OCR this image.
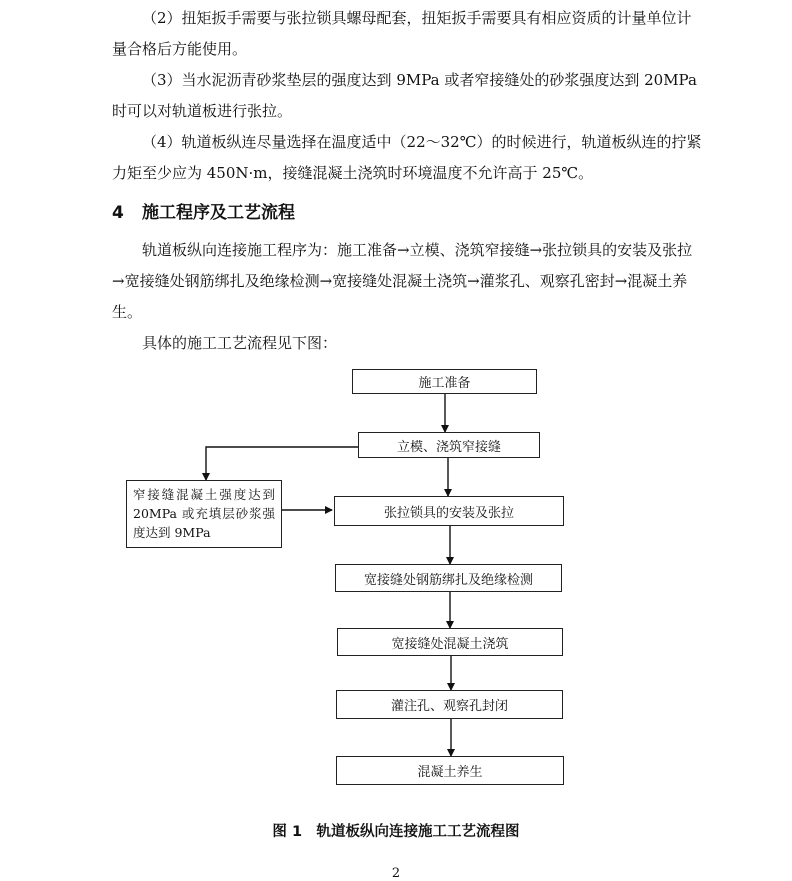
（2）扭矩扳手需要与张拉锁具螺母配套，扭矩扳手需要具有相应资质的计量单位计量合格后方能使用。

（3）当水泥沥青砂浆垫层的强度达到 9MPa 或者窄接缝处的砂浆强度达到 20MPa 时可以对轨道板进行张拉。

（4）轨道板纵连尽量选择在温度适中（22～32℃）的时候进行，轨道板纵连的拧紧力矩至少应为 450N·m，接缝混凝土浇筑时环境温度不允许高于 25℃。

4 施工程序及工艺流程

轨道板纵向连接施工程序为：施工准备→立模、浇筑窄接缝→张拉锁具的安装及张拉→宽接缝处钢筋绑扎及绝缘检测→宽接缝处混凝土浇筑→灌浆孔、观察孔密封→混凝土养生。

具体的施工工艺流程见下图：

施工准备
立模、浇筑窄接缝
张拉锁具的安装及张拉
宽接缝处钢筋绑扎及绝缘检测
宽接缝处混凝土浇筑
灌注孔、观察孔封闭
混凝土养生
窄接缝混凝土强度达到 20MPa 或充填层砂浆强度达到 9MPa
图 1　轨道板纵向连接施工工艺流程图
2
